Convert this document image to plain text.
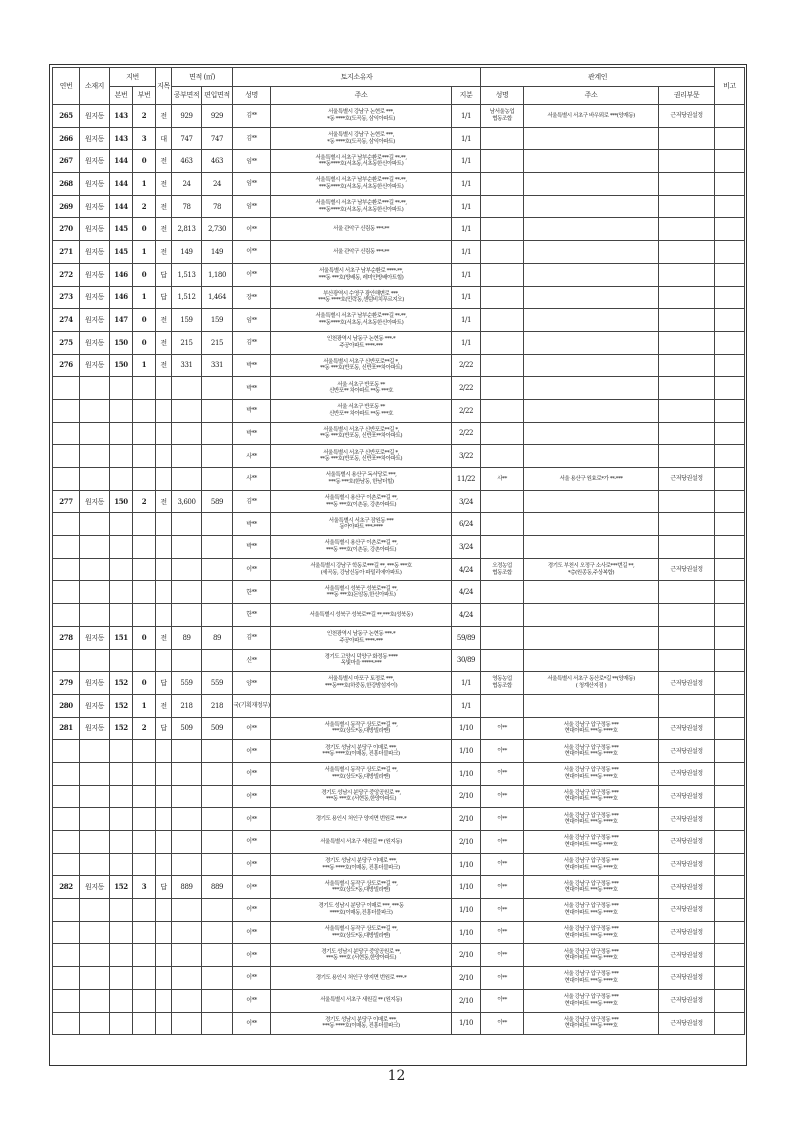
연번	소재지	지번		지목	면적 (㎡)		토지소유자			관계인			비고
		본번	부번		공부면적	편입면적	성명	주소	지분	성명	주소	권리부문	
265	원지동	143	2	전	929	929	김**	서울특별시 강남구 논현로 ***,
*동 ****호(도곡동, 삼익아파트)	1/1	남서울농업
협동조합	서울특별시 서초구 바우뫼로 ***(양재동)	근저당권설정	
266	원지동	143	3	대	747	747	김**	서울특별시 강남구 논현로 ***,
*동 ****호(도곡동, 삼익아파트)	1/1				
267	원지동	144	0	전	463	463	임**	서울특별시 서초구 남부순환로***길 **-**,
***동****호(서초동,서초동한신아파트)	1/1				
268	원지동	144	1	전	24	24	임**	서울특별시 서초구 남부순환로***길 **-**,
***동****호(서초동,서초동한신아파트)	1/1				
269	원지동	144	2	전	78	78	임**	서울특별시 서초구 남부순환로***길 **-**,
***동****호(서초동,서초동한신아파트)	1/1				
270	원지동	145	0	전	2,813	2,730	이**	서울 관악구 신림동 ***-**	1/1				
271	원지동	145	1	전	149	149	이**	서울 관악구 신림동 ***-**	1/1				
272	원지동	146	0	답	1,513	1,180	이**	서울특별시 서초구 남부순환로 ****-**,
***동 ***호(방배동, 레미안방배아트힐)	1/1				
273	원지동	146	1	답	1,512	1,464	장**	부산광역시 수영구 광안해변로 ***,
***동 ****호(민락동,센텀비치푸르지오)	1/1				
274	원지동	147	0	전	159	159	임**	서울특별시 서초구 남부순환로***길 **-**,
***동****호(서초동,서초동한신아파트)	1/1				
275	원지동	150	0	전	215	215	김**	인천광역시 남동구 논현동 ***-*
주공아파트 ****-***	1/1				
276	원지동	150	1	전	331	331	박**	서울특별시 서초구 신반포로**길 *,
**동 ***호(반포동, 신반포**차아파트)	2/22				
							박**	서울 서초구 반포동 **
신반포** 차아파트 **동 ***호	2/22				
							박**	서울 서초구 반포동 **
신반포** 차아파트 **동 ***호	2/22				
							박**	서울특별시 서초구 신반포로**길 *,
**동 ***호(반포동, 신반포**차아파트)	2/22				
							사**	서울특별시 서초구 신반포로**길 *,
**동 ***호(반포동, 신반포**차아파트)	3/22				
							사**	서울특별시 용산구 독서당로 ***,
***동 ***호(한남동, 한남더힐)	11/22	사**	서울 용산구 원효로*가 **-***	근저당권설정	
277	원지동	150	2	전	3,600	589	김**	서울특별시 용산구 이촌로**길 **,
***동 ***호(이촌동, 강촌아파트)	3/24				
							박**	서울특별시 서초구 잠원동 ***
동아아파트 ***-****	6/24				
							박**	서울특별시 용산구 이촌로**길 **,
***동 ***호(이촌동, 강촌아파트)	3/24				
							이**	서울특별시 강남구 학동로***길 **, ***동 ***호
(세곡동, 강남신동아 파밀리에아파트)	4/24	오정농업
협동조합	경기도 부천시 오정구 소사로***번길 **,
*층(원종동,주상복합)	근저당권설정	
							한**	서울특별시 성북구 성북로**길 **,
***동 ***호(돈암동,한신아파트)	4/24				
							한**	서울특별시 성북구 성북로**길 **,***호(성북동)	4/24				
278	원지동	151	0	전	89	89	김**	인천광역시 남동구 논현동 ***-*
주공아파트 ****-***	59/89				
							신**	경기도 고양시 덕양구 화정동 ****
옥빛마을 *****-***	30/89				
279	원지동	152	0	답	559	559	양**	서울특별시 마포구 토정로 ***,
***동***호(하중동,한강밤섬자이)	1/1	영동농업
협동조합	서울특별시 서초구 동산로*길 **(양재동)
( 청계산지점 )	근저당권설정	
280	원지동	152	1	전	218	218	국(기획재정부)		1/1				
281	원지동	152	2	답	509	509	이**	서울특별시 동작구 상도로**길 **,
***호(상도*동,대방빌라맨)	1/10	이**	서울 강남구 압구정동 ***
현대아파트 ***동 ****호	근저당권설정	
							이**	경기도 성남시 분당구 이매로 ***,
***동 ****호(이매동, 진흥더블파크)	1/10	이**	서울 강남구 압구정동 ***
현대아파트 ***동 ****호	근저당권설정	
							이**	서울특별시 동작구 상도로**길 **,
***호(상도*동,대방빌라맨)	1/10	이**	서울 강남구 압구정동 ***
현대아파트 ***동 ****호	근저당권설정	
							이**	경기도 성남시 분당구 중앙공원로 **,
***동 ***호 (서현동,한양아파트)	2/10	이**	서울 강남구 압구정동 ***
현대아파트 ***동 ****호	근저당권설정	
							이**	경기도 용인시 처인구 양지면 번원로 ***-*	2/10	이**	서울 강남구 압구정동 ***
현대아파트 ***동 ****호	근저당권설정	
							이**	서울특별시 서초구 새원길 ** (원지동)	2/10	이**	서울 강남구 압구정동 ***
현대아파트 ***동 ****호	근저당권설정	
							이**	경기도 성남시 분당구 이매로 ***,
***동 ****호(이매동, 진흥더블파크)	1/10	이**	서울 강남구 압구정동 ***
현대아파트 ***동 ****호	근저당권설정	
282	원지동	152	3	답	889	889	이**	서울특별시 동작구 상도로**길 **,
***호(상도*동,대방빌라맨)	1/10	이**	서울 강남구 압구정동 ***
현대아파트 ***동 ****호	근저당권설정	
							이**	경기도 성남시 분당구 이매로 ***, ***동
****호(이매동,진흥더블파크)	1/10	이**	서울 강남구 압구정동 ***
현대아파트 ***동 ****호	근저당권설정	
							이**	서울특별시 동작구 상도로**길 **,
***호(상도*동,대방빌라맨)	1/10	이**	서울 강남구 압구정동 ***
현대아파트 ***동 ****호	근저당권설정	
							이**	경기도 성남시 분당구 중앙공원로 **,
***동 ***호 (서현동,한양아파트)	2/10	이**	서울 강남구 압구정동 ***
현대아파트 ***동 ****호	근저당권설정	
							이**	경기도 용인시 처인구 양지면 번원로 ***-*	2/10	이**	서울 강남구 압구정동 ***
현대아파트 ***동 ****호	근저당권설정	
							이**	서울특별시 서초구 새원길 ** (원지동)	2/10	이**	서울 강남구 압구정동 ***
현대아파트 ***동 ****호	근저당권설정	
							이**	경기도 성남시 분당구 이매로 ***,
***동 ****호(이매동, 진흥더블파크)	1/10	이**	서울 강남구 압구정동 ***
현대아파트 ***동 ****호	근저당권설정	
12
